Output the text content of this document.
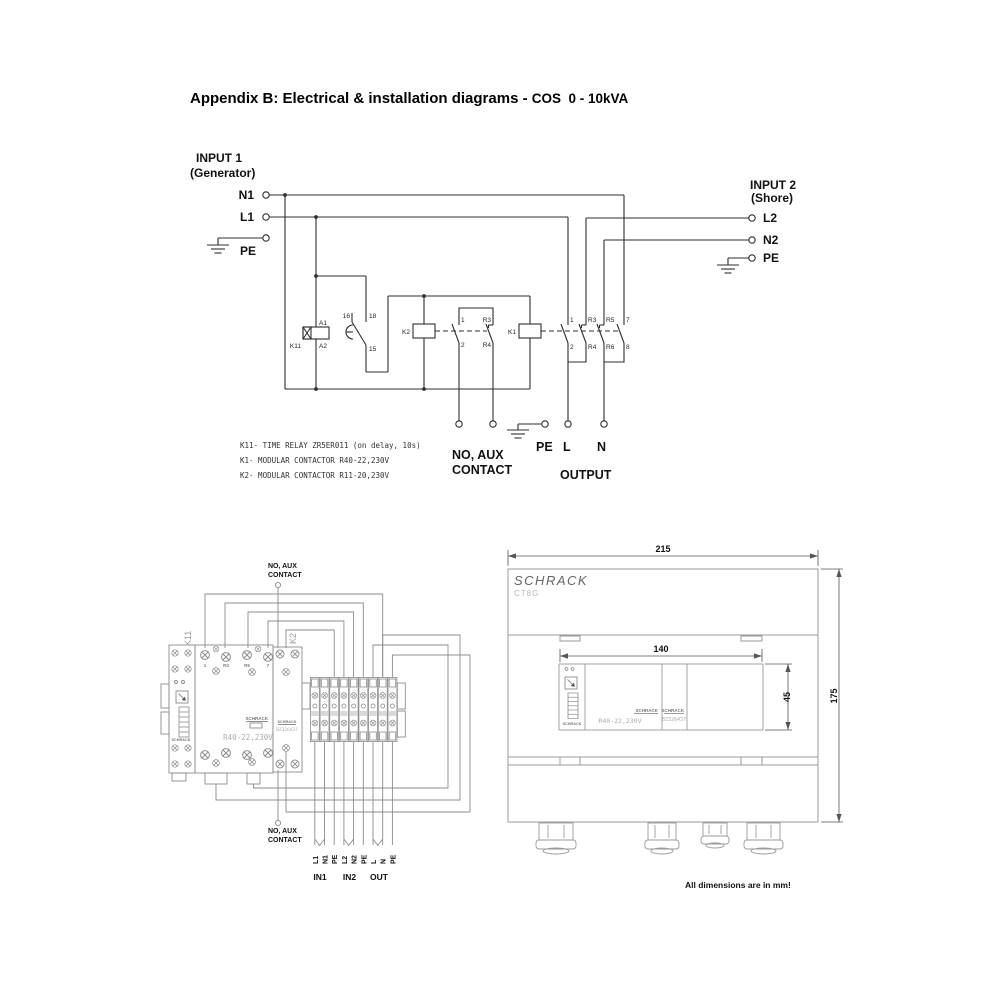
Appendix B: Electrical & installation diagrams - COS  0 - 10kVA
INPUT 1
(Generator)
N1
L1
PE
INPUT 2
(Shore)
L2
N2
PE
K11
A1
A2
16	18
15
K2	K1
1	R3
2	R4
1 R3 R5 7
2 R4 R6 8
PE L N
NO, AUX
CONTACT	OUTPUT
K11- TIME RELAY ZR5ER011 (on delay, 10s)
K1- MODULAR CONTACTOR R40-22,230V
K2- MODULAR CONTACTOR R11-20,230V
SCHRACK
K11
1	R3	R5	7
SCHRACK
R40-22,230V
SCHRACK
BZ326437
K2
NO, AUX
CONTACT
NO, AUX
CONTACT
L1 N1 PE L2 N2 PE L N PE
IN1 IN2 OUT
SCHRACK
CT8G
SCHRACK
SCHRACK
R40-22,230V
SCHRACK
BZ326437
215
140
45	175
All dimensions are in mm!
